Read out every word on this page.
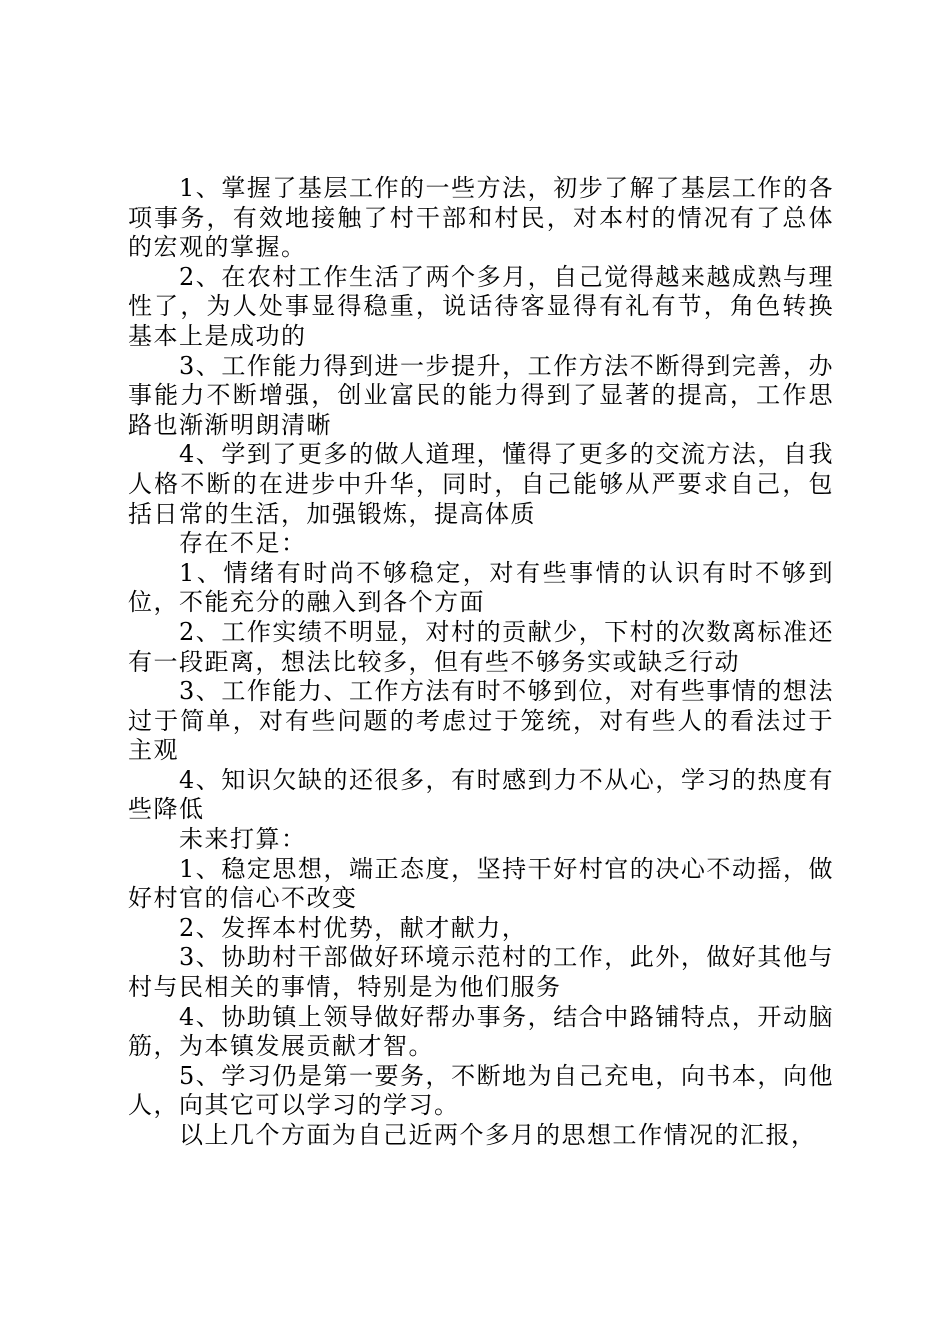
1、掌握了基层工作的一些方法，初步了解了基层工作的各项事务，有效地接触了村干部和村民，对本村的情况有了总体的宏观的掌握。

2、在农村工作生活了两个多月，自己觉得越来越成熟与理性了，为人处事显得稳重，说话待客显得有礼有节，角色转换基本上是成功的

3、工作能力得到进一步提升，工作方法不断得到完善，办事能力不断增强，创业富民的能力得到了显著的提高，工作思路也渐渐明朗清晰

4、学到了更多的做人道理，懂得了更多的交流方法，自我人格不断的在进步中升华，同时，自己能够从严要求自己，包括日常的生活，加强锻炼，提高体质

存在不足：

1、情绪有时尚不够稳定，对有些事情的认识有时不够到位，不能充分的融入到各个方面

2、工作实绩不明显，对村的贡献少，下村的次数离标准还有一段距离，想法比较多，但有些不够务实或缺乏行动

3、工作能力、工作方法有时不够到位，对有些事情的想法过于简单，对有些问题的考虑过于笼统，对有些人的看法过于主观

4、知识欠缺的还很多，有时感到力不从心，学习的热度有些降低

未来打算：

1、稳定思想，端正态度，坚持干好村官的决心不动摇，做好村官的信心不改变

2、发挥本村优势，献才献力，

3、协助村干部做好环境示范村的工作，此外，做好其他与村与民相关的事情，特别是为他们服务

4、协助镇上领导做好帮办事务，结合中路铺特点，开动脑筋，为本镇发展贡献才智。

5、学习仍是第一要务，不断地为自己充电，向书本，向他人，向其它可以学习的学习。

以上几个方面为自己近两个多月的思想工作情况的汇报，
